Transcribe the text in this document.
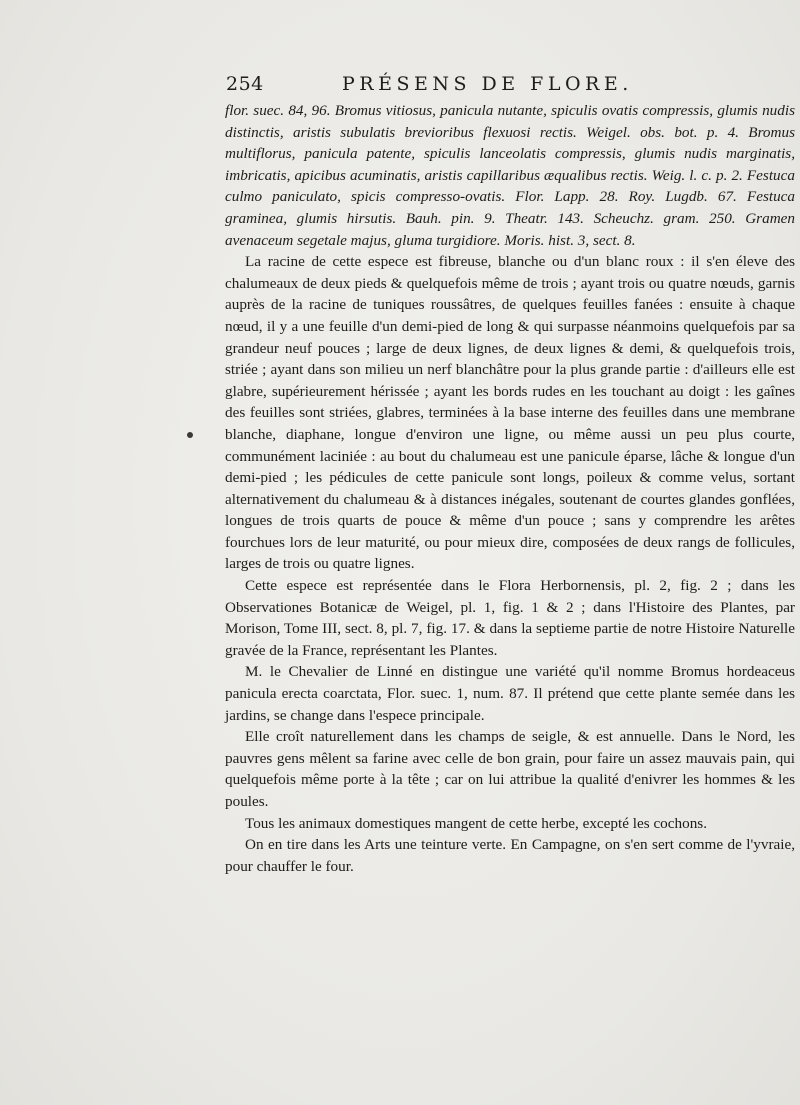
254	PRÉSENS DE FLORE.

flor. suec. 84, 96. Bromus vitiosus, panicula nutante, spiculis ovatis compressis, glumis nudis distinctis, aristis subulatis brevioribus flexuosi rectis. Weigel. obs. bot. p. 4. Bromus multiflorus, panicula patente, spiculis lanceolatis compressis, glumis nudis marginatis, imbricatis, apicibus acuminatis, aristis capillaribus æqualibus rectis. Weig. l. c. p. 2. Festuca culmo paniculato, spicis compresso-ovatis. Flor. Lapp. 28. Roy. Lugdb. 67. Festuca graminea, glumis hirsutis. Bauh. pin. 9. Theatr. 143. Scheuchz. gram. 250. Gramen avenaceum segetale majus, gluma turgidiore. Moris. hist. 3, sect. 8.

La racine de cette espece est fibreuse, blanche ou d'un blanc roux : il s'en éleve des chalumeaux de deux pieds & quelquefois même de trois ; ayant trois ou quatre nœuds, garnis auprès de la racine de tuniques roussâtres, de quelques feuilles fanées : ensuite à chaque nœud, il y a une feuille d'un demi-pied de long & qui surpasse néanmoins quelquefois par sa grandeur neuf pouces ; large de deux lignes, de deux lignes & demi, & quelquefois trois, striée ; ayant dans son milieu un nerf blanchâtre pour la plus grande partie : d'ailleurs elle est glabre, supérieurement hérissée ; ayant les bords rudes en les touchant au doigt : les gaînes des feuilles sont striées, glabres, terminées à la base interne des feuilles dans une membrane blanche, diaphane, longue d'environ une ligne, ou même aussi un peu plus courte, communément laciniée : au bout du chalumeau est une panicule éparse, lâche & longue d'un demi-pied ; les pédicules de cette panicule sont longs, poileux & comme velus, sortant alternativement du chalumeau & à distances inégales, soutenant de courtes glandes gonflées, longues de trois quarts de pouce & même d'un pouce ; sans y comprendre les arêtes fourchues lors de leur maturité, ou pour mieux dire, composées de deux rangs de follicules, larges de trois ou quatre lignes.

Cette espece est représentée dans le Flora Herbornensis, pl. 2, fig. 2 ; dans les Observationes Botanicæ de Weigel, pl. 1, fig. 1 & 2 ; dans l'Histoire des Plantes, par Morison, Tome III, sect. 8, pl. 7, fig. 17. & dans la septieme partie de notre Histoire Naturelle gravée de la France, représentant les Plantes.

M. le Chevalier de Linné en distingue une variété qu'il nomme Bromus hordeaceus panicula erecta coarctata, Flor. suec. 1, num. 87. Il prétend que cette plante semée dans les jardins, se change dans l'espece principale.

Elle croît naturellement dans les champs de seigle, & est annuelle. Dans le Nord, les pauvres gens mêlent sa farine avec celle de bon grain, pour faire un assez mauvais pain, qui quelquefois même porte à la tête ; car on lui attribue la qualité d'enivrer les hommes & les poules.

Tous les animaux domestiques mangent de cette herbe, excepté les cochons.

On en tire dans les Arts une teinture verte. En Campagne, on s'en sert comme de l'yvraie, pour chauffer le four.
